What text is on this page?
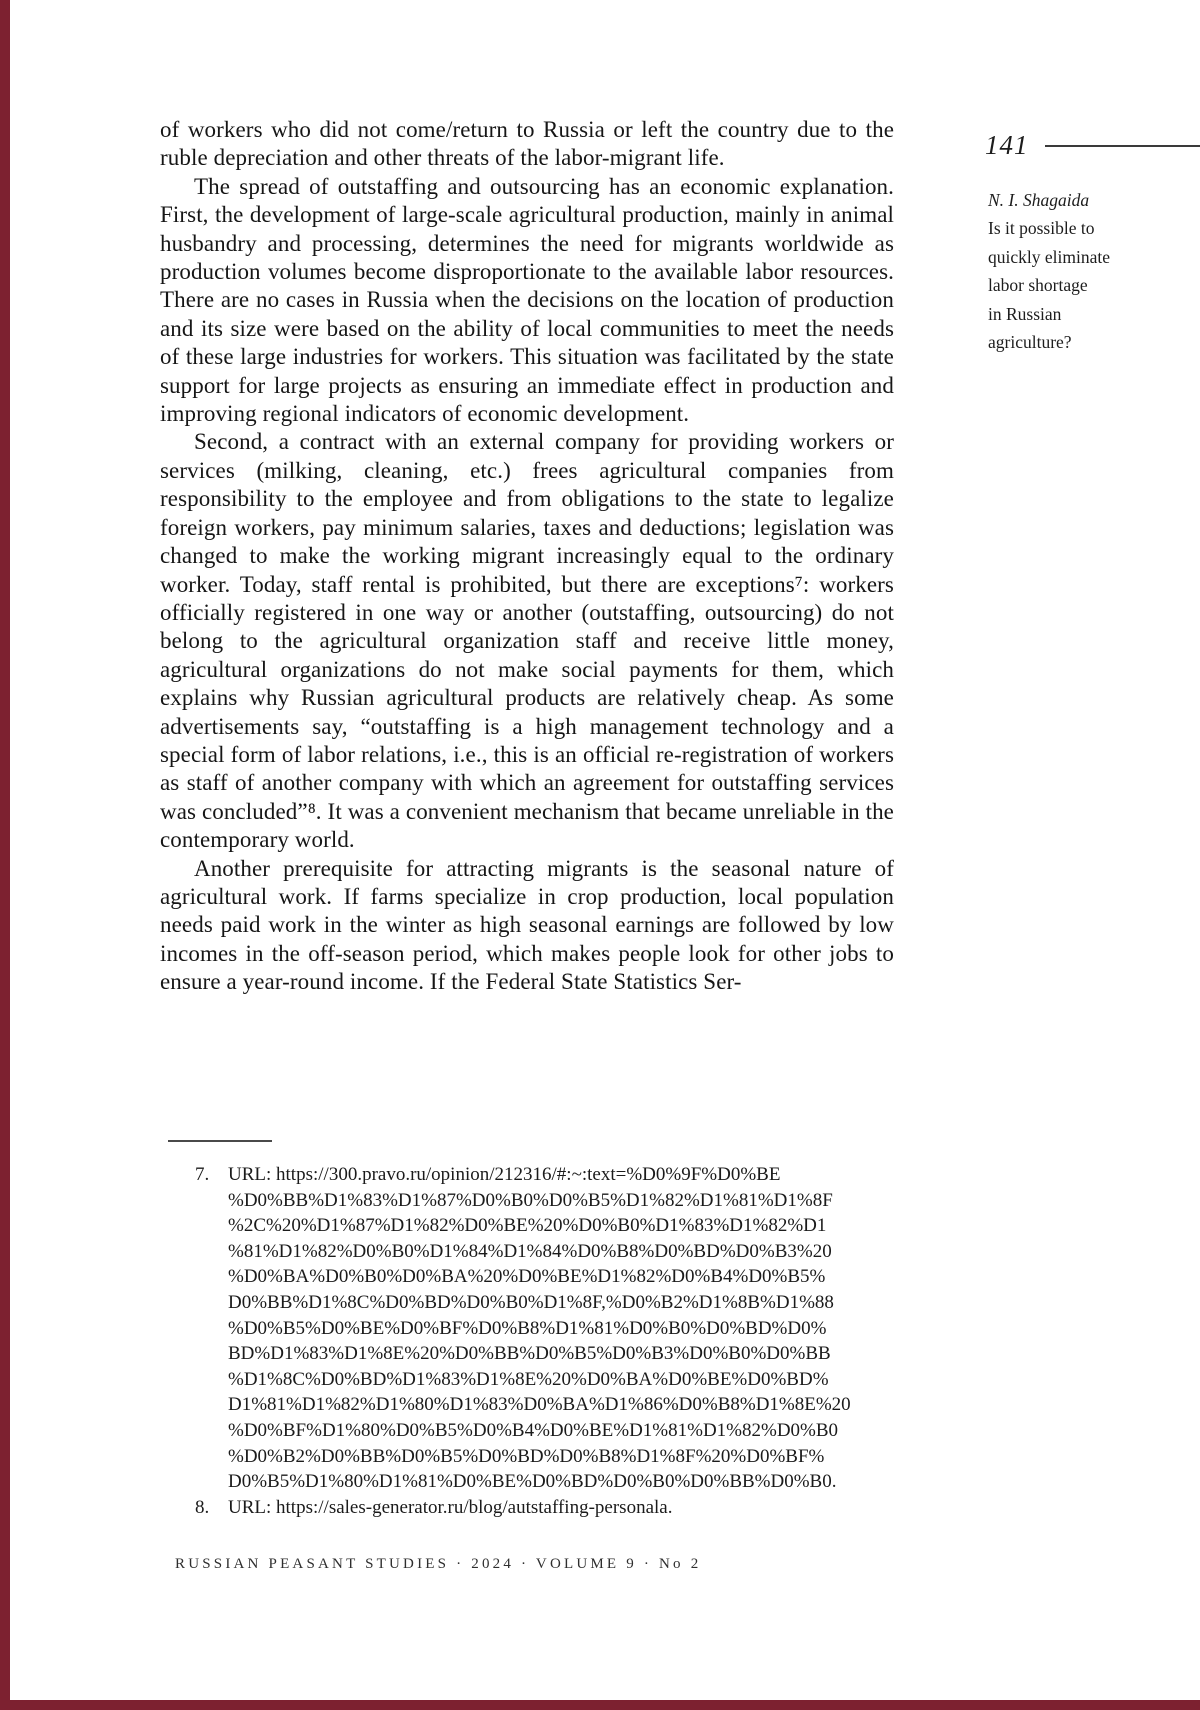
of workers who did not come/return to Russia or left the country due to the ruble depreciation and other threats of the labor-migrant life.

The spread of outstaffing and outsourcing has an economic explanation. First, the development of large-scale agricultural production, mainly in animal husbandry and processing, determines the need for migrants worldwide as production volumes become disproportionate to the available labor resources. There are no cases in Russia when the decisions on the location of production and its size were based on the ability of local communities to meet the needs of these large industries for workers. This situation was facilitated by the state support for large projects as ensuring an immediate effect in production and improving regional indicators of economic development.

Second, a contract with an external company for providing workers or services (milking, cleaning, etc.) frees agricultural companies from responsibility to the employee and from obligations to the state to legalize foreign workers, pay minimum salaries, taxes and deductions; legislation was changed to make the working migrant increasingly equal to the ordinary worker. Today, staff rental is prohibited, but there are exceptions⁷: workers officially registered in one way or another (outstaffing, outsourcing) do not belong to the agricultural organization staff and receive little money, agricultural organizations do not make social payments for them, which explains why Russian agricultural products are relatively cheap. As some advertisements say, “outstaffing is a high management technology and a special form of labor relations, i.e., this is an official re-registration of workers as staff of another company with which an agreement for outstaffing services was concluded”⁸. It was a convenient mechanism that became unreliable in the contemporary world.

Another prerequisite for attracting migrants is the seasonal nature of agricultural work. If farms specialize in crop production, local population needs paid work in the winter as high seasonal earnings are followed by low incomes in the off-season period, which makes people look for other jobs to ensure a year-round income. If the Federal State Statistics Ser-

141
N. I. Shagaida
Is it possible to
quickly eliminate
labor shortage
in Russian
agriculture?
7. URL: https://300.pravo.ru/opinion/212316/#:~:text=%D0%9F%D0%BE
%D0%BB%D1%83%D1%87%D0%B0%D0%B5%D1%82%D1%81%D1%8F
%2C%20%D1%87%D1%82%D0%BE%20%D0%B0%D1%83%D1%82%D1
%81%D1%82%D0%B0%D1%84%D1%84%D0%B8%D0%BD%D0%B3%20
%D0%BA%D0%B0%D0%BA%20%D0%BE%D1%82%D0%B4%D0%B5%
D0%BB%D1%8C%D0%BD%D0%B0%D1%8F,%D0%B2%D1%8B%D1%88
%D0%B5%D0%BE%D0%BF%D0%B8%D1%81%D0%B0%D0%BD%D0%
BD%D1%83%D1%8E%20%D0%BB%D0%B5%D0%B3%D0%B0%D0%BB
%D1%8C%D0%BD%D1%83%D1%8E%20%D0%BA%D0%BE%D0%BD%
D1%81%D1%82%D1%80%D1%83%D0%BA%D1%86%D0%B8%D1%8E%20
%D0%BF%D1%80%D0%B5%D0%B4%D0%BE%D1%81%D1%82%D0%B0
%D0%B2%D0%BB%D0%B5%D0%BD%D0%B8%D1%8F%20%D0%BF%
D0%B5%D1%80%D1%81%D0%BE%D0%BD%D0%B0%D0%BB%D0%B0.
8. URL: https://sales-generator.ru/blog/autstaffing-personala.
RUSSIAN PEASANT STUDIES · 2024 · VOLUME 9 · No 2
